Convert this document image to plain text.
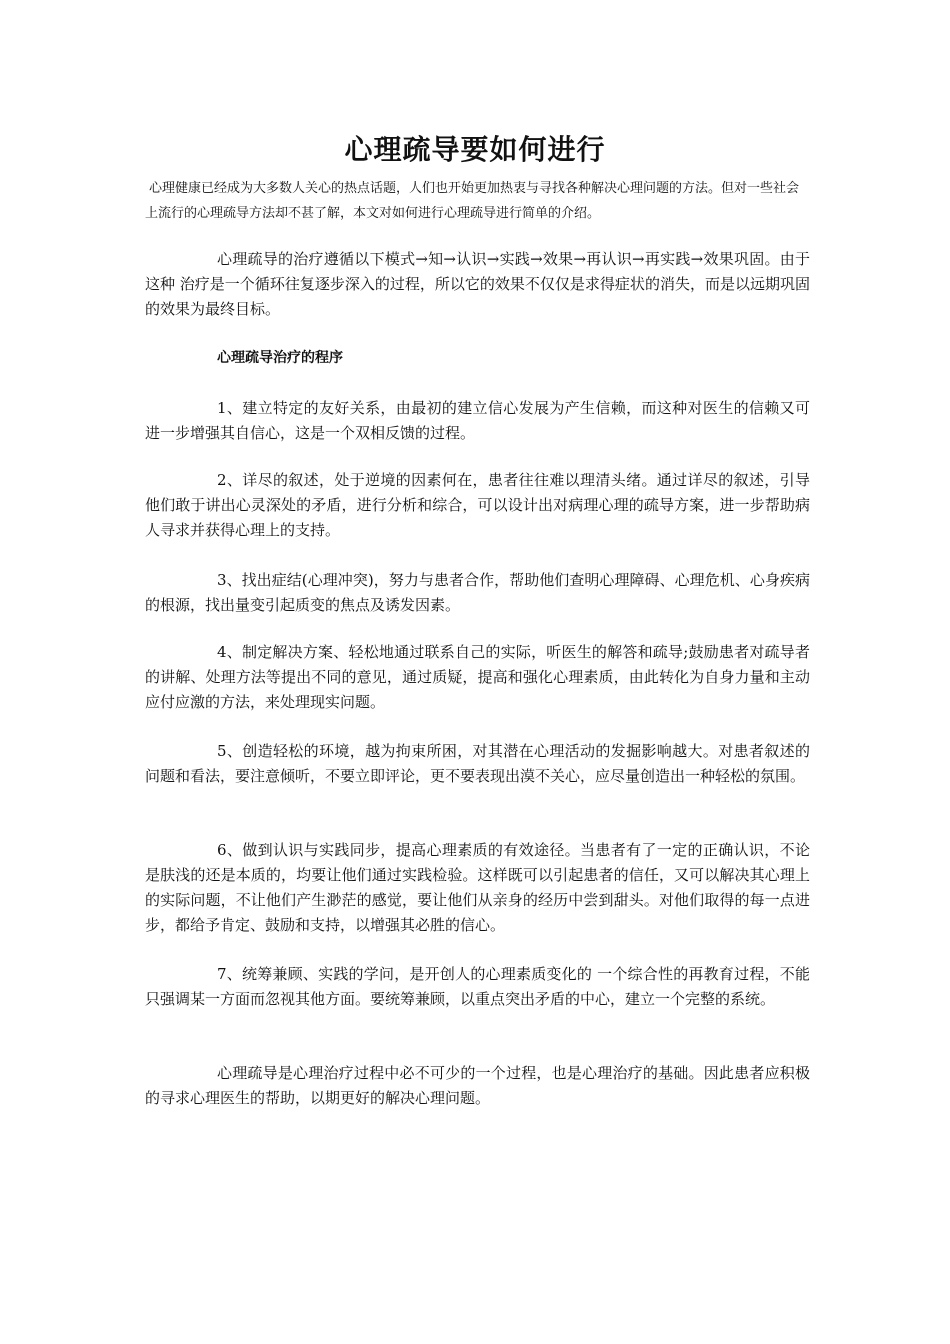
心理疏导要如何进行

心理健康已经成为大多数人关心的热点话题，人们也开始更加热衷与寻找各种解决心理问题的方法。但对一些社会上流行的心理疏导方法却不甚了解，本文对如何进行心理疏导进行简单的介绍。

心理疏导的治疗遵循以下模式→知→认识→实践→效果→再认识→再实践→效果巩固。由于这种 治疗是一个循环往复逐步深入的过程，所以它的效果不仅仅是求得症状的消失，而是以远期巩固的效果为最终目标。

心理疏导治疗的程序

1、建立特定的友好关系，由最初的建立信心发展为产生信赖，而这种对医生的信赖又可进一步增强其自信心，这是一个双相反馈的过程。

2、详尽的叙述，处于逆境的因素何在，患者往往难以理清头绪。通过详尽的叙述，引导他们敢于讲出心灵深处的矛盾，进行分析和综合，可以设计出对病理心理的疏导方案，进一步帮助病人寻求并获得心理上的支持。

3、找出症结(心理冲突)，努力与患者合作，帮助他们查明心理障碍、心理危机、心身疾病的根源，找出量变引起质变的焦点及诱发因素。

4、制定解决方案、轻松地通过联系自己的实际，听医生的解答和疏导;鼓励患者对疏导者的讲解、处理方法等提出不同的意见，通过质疑，提高和强化心理素质，由此转化为自身力量和主动应付应激的方法，来处理现实问题。

5、创造轻松的环境，越为拘束所困，对其潜在心理活动的发掘影响越大。对患者叙述的问题和看法，要注意倾听，不要立即评论，更不要表现出漠不关心，应尽量创造出一种轻松的氛围。

6、做到认识与实践同步，提高心理素质的有效途径。当患者有了一定的正确认识，不论是肤浅的还是本质的，均要让他们通过实践检验。这样既可以引起患者的信任，又可以解决其心理上的实际问题，不让他们产生渺茫的感觉，要让他们从亲身的经历中尝到甜头。对他们取得的每一点进步，都给予肯定、鼓励和支持，以增强其必胜的信心。

7、统筹兼顾、实践的学问，是开创人的心理素质变化的 一个综合性的再教育过程，不能只强调某一方面而忽视其他方面。要统筹兼顾，以重点突出矛盾的中心，建立一个完整的系统。

心理疏导是心理治疗过程中必不可少的一个过程，也是心理治疗的基础。因此患者应积极的寻求心理医生的帮助，以期更好的解决心理问题。
